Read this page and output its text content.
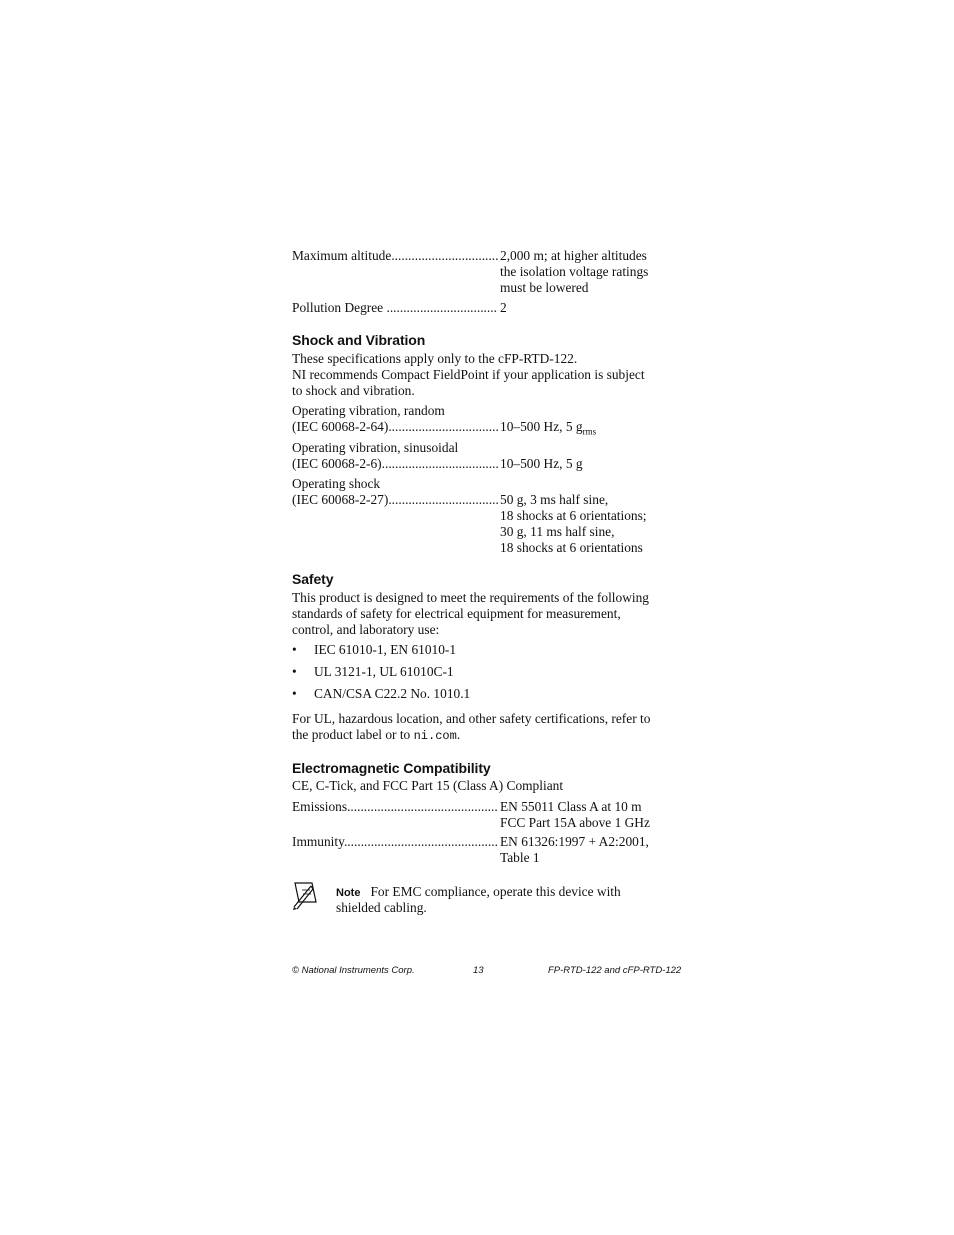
Maximum altitude .....	2,000 m; at higher altitudes
the isolation voltage ratings
must be lowered
Pollution Degree .....	2
Shock and Vibration
These specifications apply only to the cFP-RTD-122.
NI recommends Compact FieldPoint if your application is subject
to shock and vibration.
Operating vibration, random
(IEC 60068-2-64) .....	10–500 Hz, 5 $g_{rms}$
Operating vibration, sinusoidal
(IEC 60068-2-6) .....	10–500 Hz, 5 g
Operating shock
(IEC 60068-2-27) .....	50 g, 3 ms half sine,
18 shocks at 6 orientations;
30 g, 11 ms half sine,
18 shocks at 6 orientations
Safety
This product is designed to meet the requirements of the following
standards of safety for electrical equipment for measurement,
control, and laboratory use:
• IEC 61010-1, EN 61010-1
• UL 3121-1, UL 61010C-1
• CAN/CSA C22.2 No. 1010.1
For UL, hazardous location, and other safety certifications, refer to
the product label or to ni.com.
Electromagnetic Compatibility
CE, C-Tick, and FCC Part 15 (Class A) Compliant
Emissions .....	EN 55011 Class A at 10 m
FCC Part 15A above 1 GHz
Immunity .....	EN 61326:1997 + A2:2001,
Table 1
Note For EMC compliance, operate this device with
shielded cabling.
© National Instruments Corp.	13	FP-RTD-122 and cFP-RTD-122
